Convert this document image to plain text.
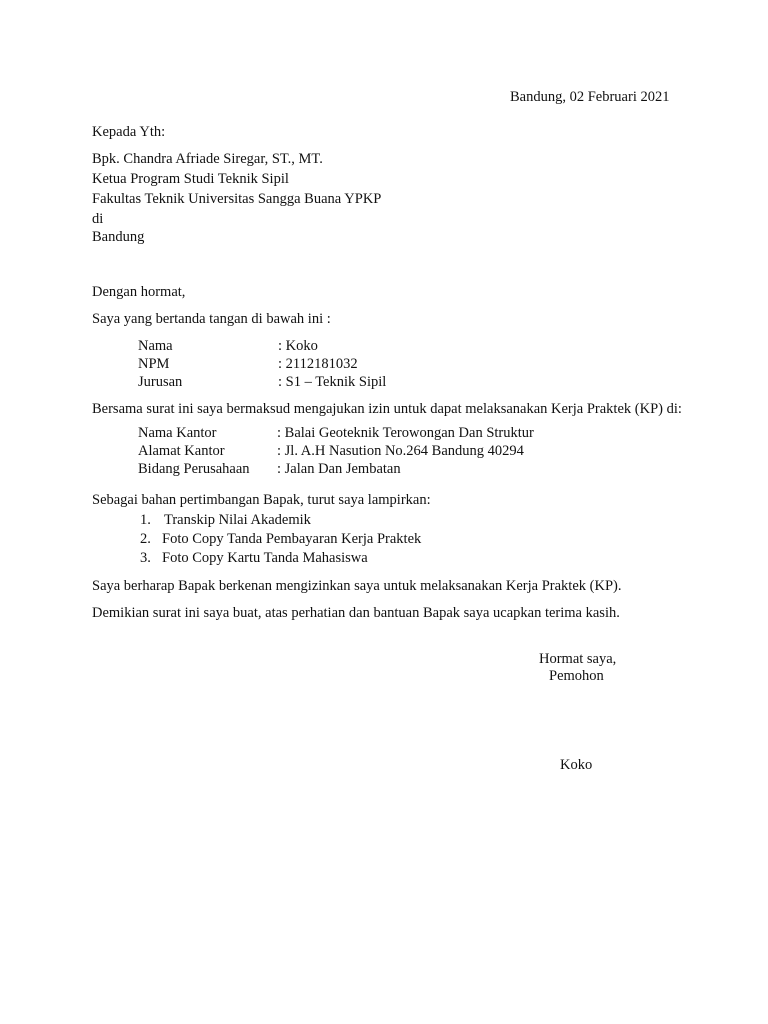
Bandung, 02 Februari 2021
Kepada Yth:
Bpk. Chandra Afriade Siregar, ST., MT.
Ketua Program Studi Teknik Sipil
Fakultas Teknik Universitas Sangga Buana YPKP
di
Bandung
Dengan hormat,
Saya yang bertanda tangan di bawah ini :
Nama	: Koko
NPM	: 2112181032
Jurusan	: S1 – Teknik Sipil
Bersama surat ini saya bermaksud mengajukan izin untuk dapat melaksanakan Kerja Praktek (KP) di:
Nama Kantor	: Balai Geoteknik Terowongan Dan Struktur
Alamat Kantor	: Jl. A.H Nasution No.264 Bandung 40294
Bidang Perusahaan : Jalan Dan Jembatan
Sebagai bahan pertimbangan Bapak, turut saya lampirkan:
1. Transkip Nilai Akademik
2. Foto Copy Tanda Pembayaran Kerja Praktek
3. Foto Copy Kartu Tanda Mahasiswa
Saya berharap Bapak berkenan mengizinkan saya untuk melaksanakan Kerja Praktek (KP).
Demikian surat ini saya buat, atas perhatian dan bantuan Bapak saya ucapkan terima kasih.
Hormat saya,
Pemohon
Koko
